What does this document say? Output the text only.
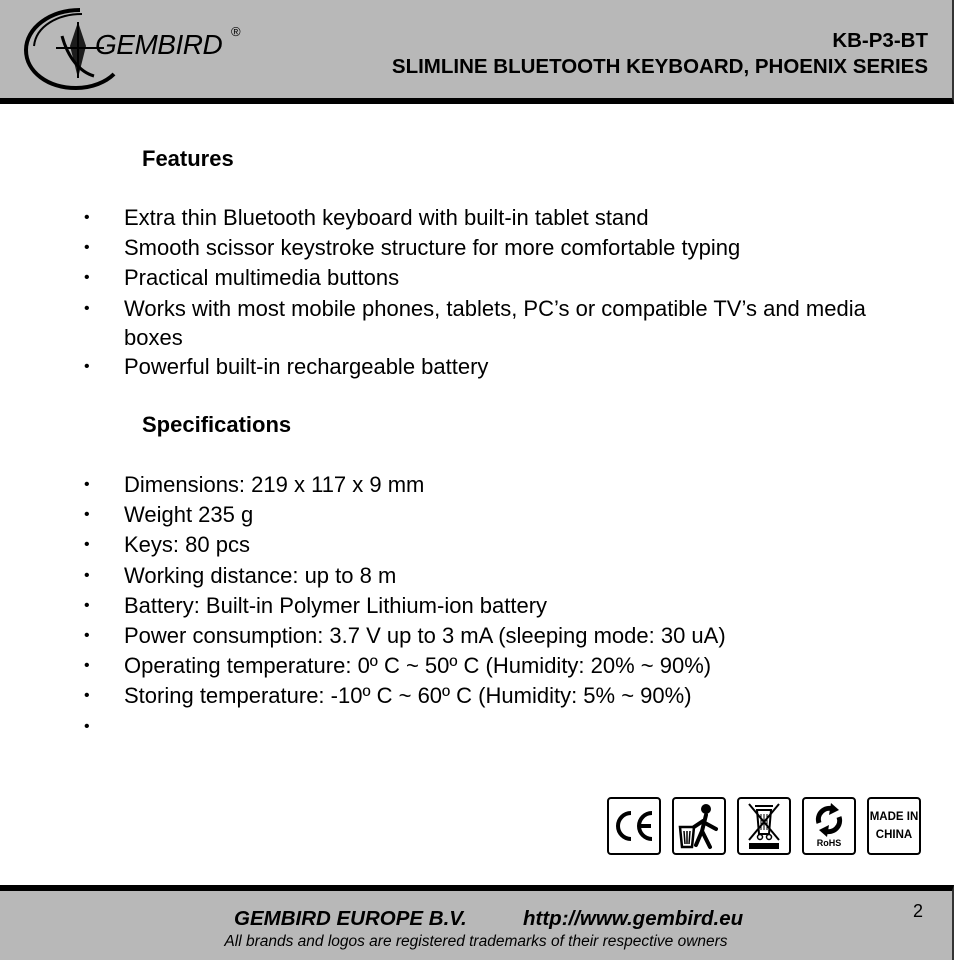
GEMBIRD ®	KB-P3-BT
SLIMLINE BLUETOOTH KEYBOARD, PHOENIX SERIES
Features
• Extra thin Bluetooth keyboard with built-in tablet stand
• Smooth scissor keystroke structure for more comfortable typing
• Practical multimedia buttons
• Works with most mobile phones, tablets, PC’s or compatible TV’s and media boxes
• Powerful built-in rechargeable battery
Specifications
• Dimensions: 219 x 117 x 9 mm
• Weight 235 g
• Keys: 80 pcs
• Working distance: up to 8 m
• Battery: Built-in Polymer Lithium-ion battery
• Power consumption: 3.7 V up to 3 mA (sleeping mode: 30 uA)
• Operating temperature: 0º C ~ 50º C (Humidity: 20% ~ 90%)
• Storing temperature: -10º C ~ 60º C (Humidity: 5% ~ 90%)
•
RoHS
MADE IN
CHINA
GEMBIRD EUROPE B.V.	http://www.gembird.eu	2
All brands and logos are registered trademarks of their respective owners
